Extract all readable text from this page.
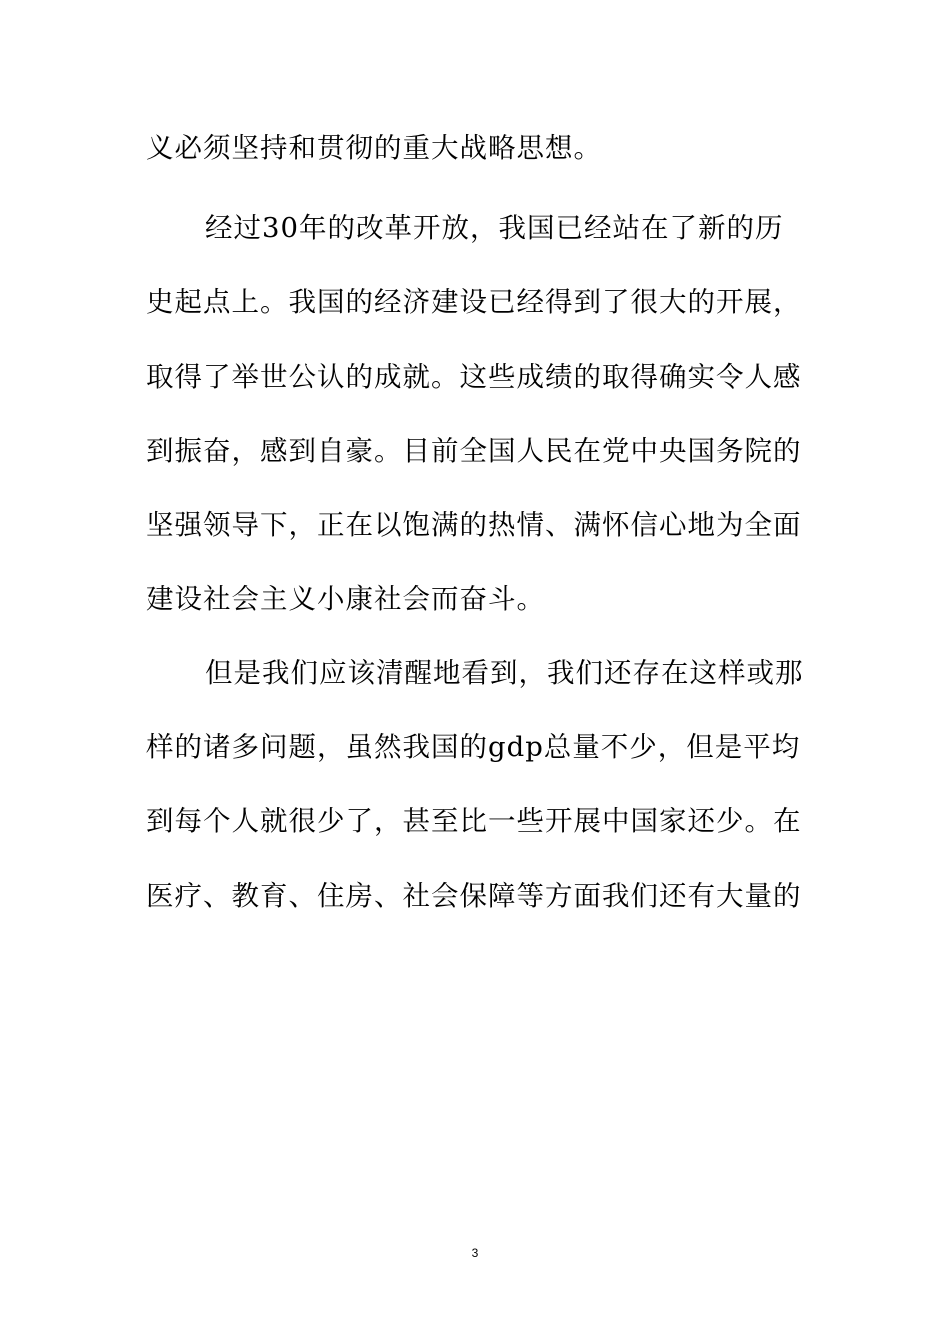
义必须坚持和贯彻的重大战略思想。
经过30年的改革开放，我国已经站在了新的历
史起点上。我国的经济建设已经得到了很大的开展，
取得了举世公认的成就。这些成绩的取得确实令人感
到振奋，感到自豪。目前全国人民在党中央国务院的
坚强领导下，正在以饱满的热情、满怀信心地为全面
建设社会主义小康社会而奋斗。
但是我们应该清醒地看到，我们还存在这样或那
样的诸多问题，虽然我国的gdp总量不少，但是平均
到每个人就很少了，甚至比一些开展中国家还少。在
医疗、教育、住房、社会保障等方面我们还有大量的
3
